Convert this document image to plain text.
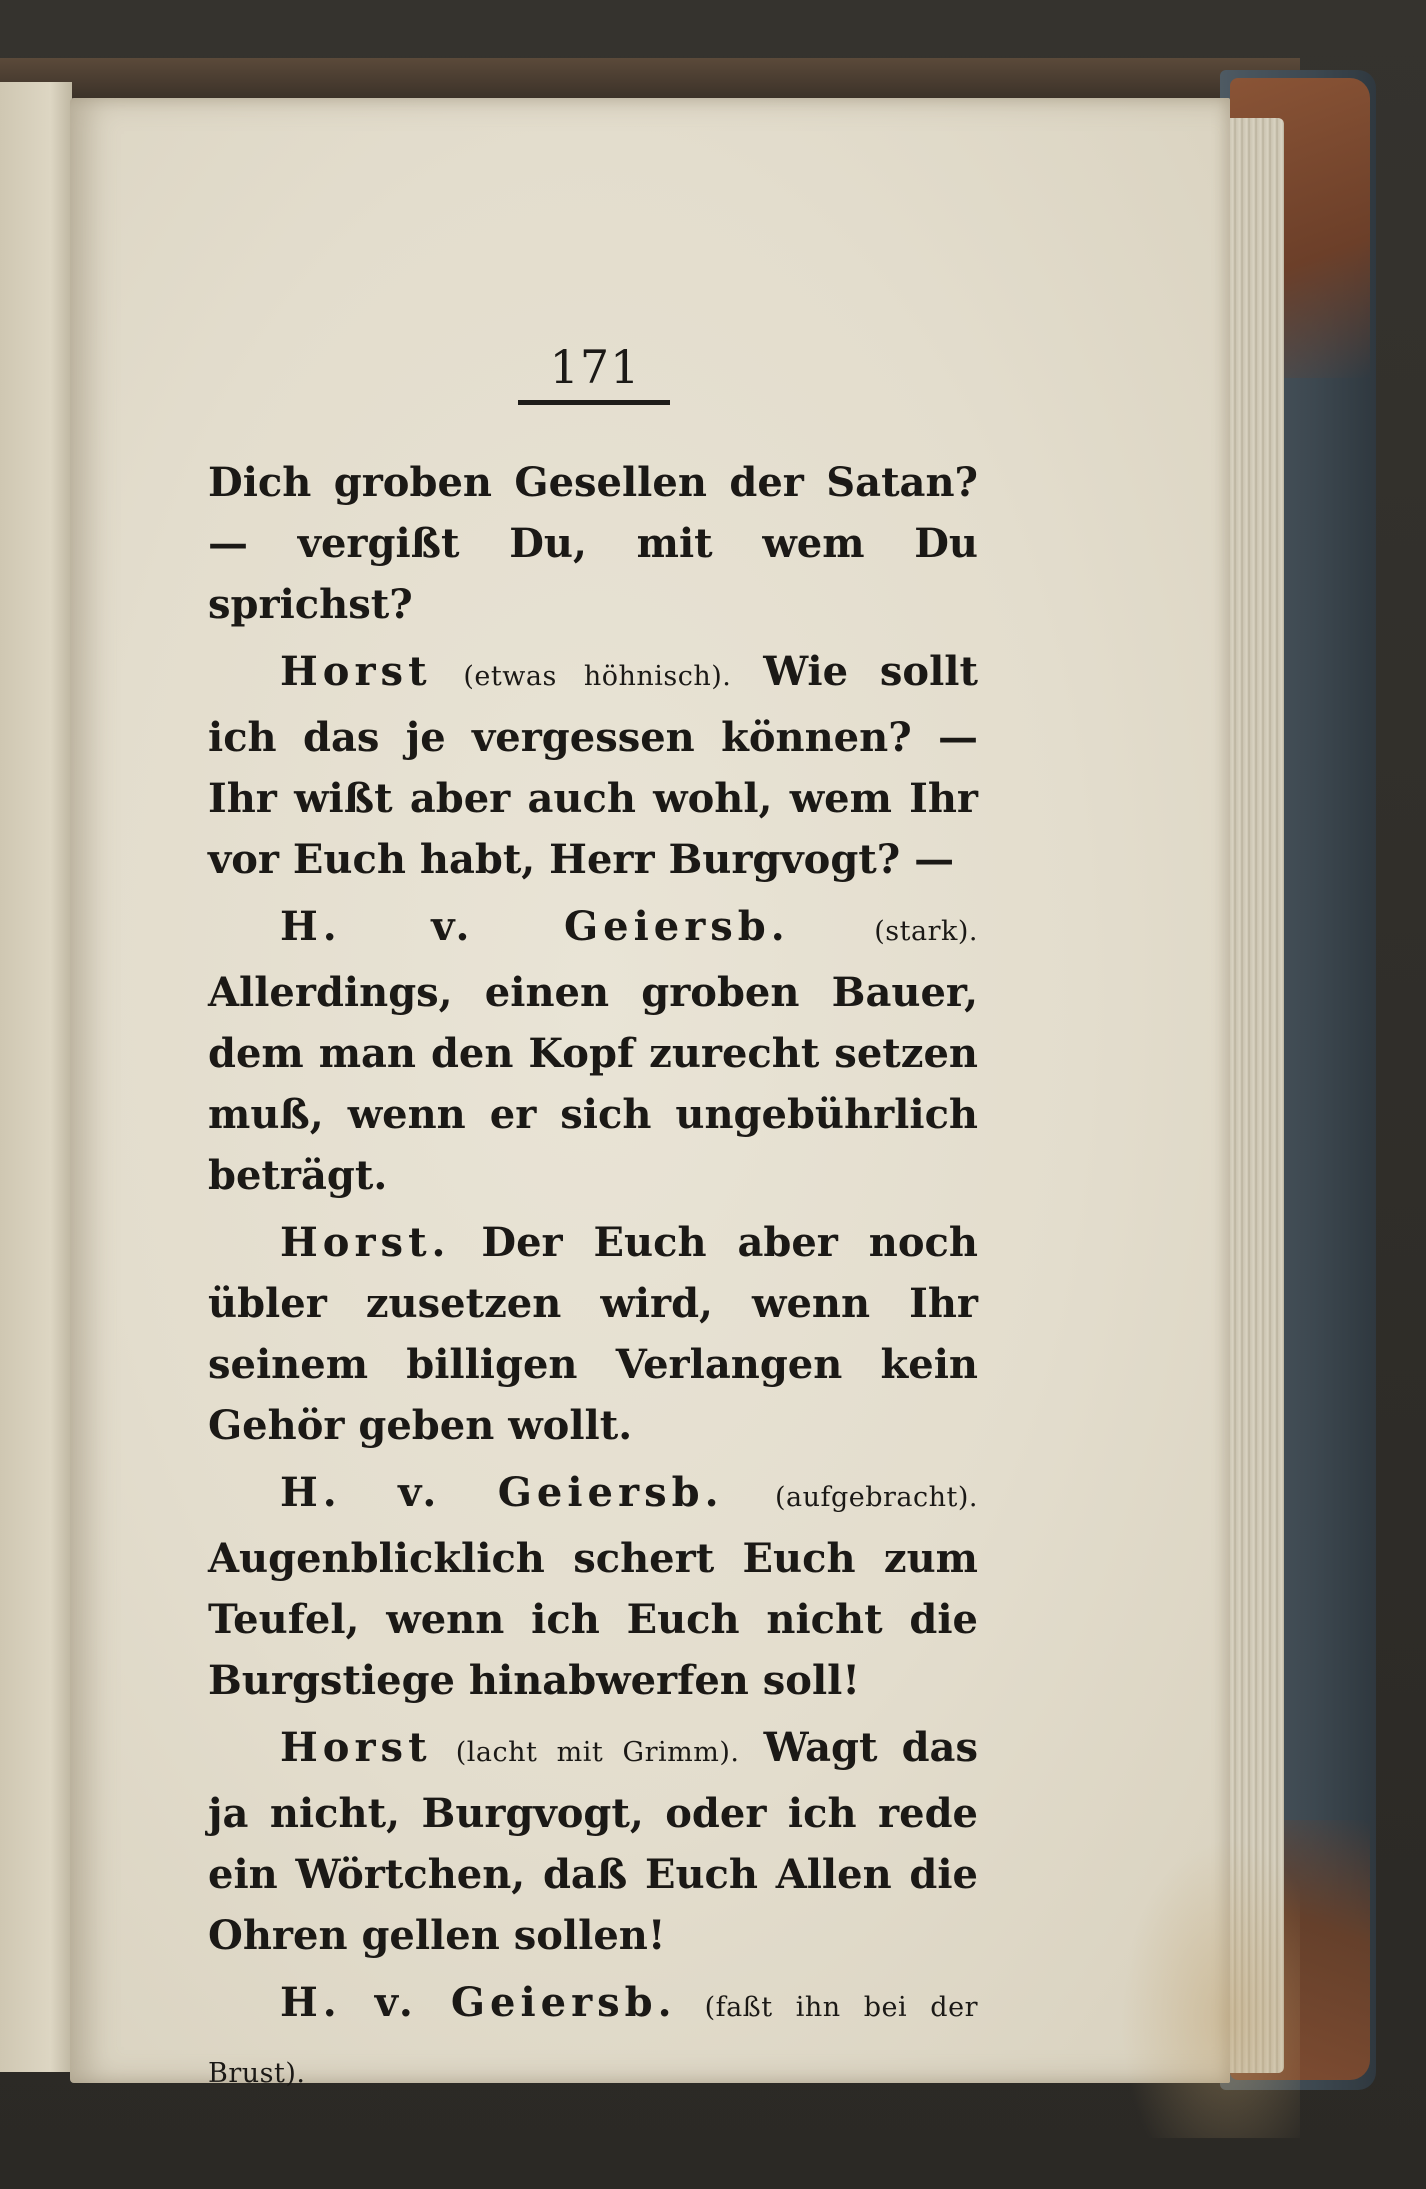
171

Dich groben Gesellen der Satan? — vergißt Du, mit wem Du sprichst?

Horst (etwas höhnisch). Wie sollt ich das je vergessen können? — Ihr wißt aber auch wohl, wem Ihr vor Euch habt, Herr Burgvogt? —

H. v. Geiersb.	(stark). Allerdings, einen groben Bauer, dem man den Kopf zurecht setzen muß, wenn er sich ungebührlich beträgt.

Horst. Der Euch aber noch übler zusetzen wird, wenn Ihr seinem billigen Verlangen kein Gehör geben wollt.

H. v. Geiersb. (aufgebracht). Augenblicklich schert Euch zum Teufel, wenn ich Euch nicht die Burgstiege hinabwerfen soll!

Horst (lacht mit Grimm). Wagt das ja nicht, Burgvogt, oder ich rede ein Wörtchen, daß Euch Allen die Ohren gellen sollen!

H. v. Geiersb. (faßt ihn bei der Brust).
